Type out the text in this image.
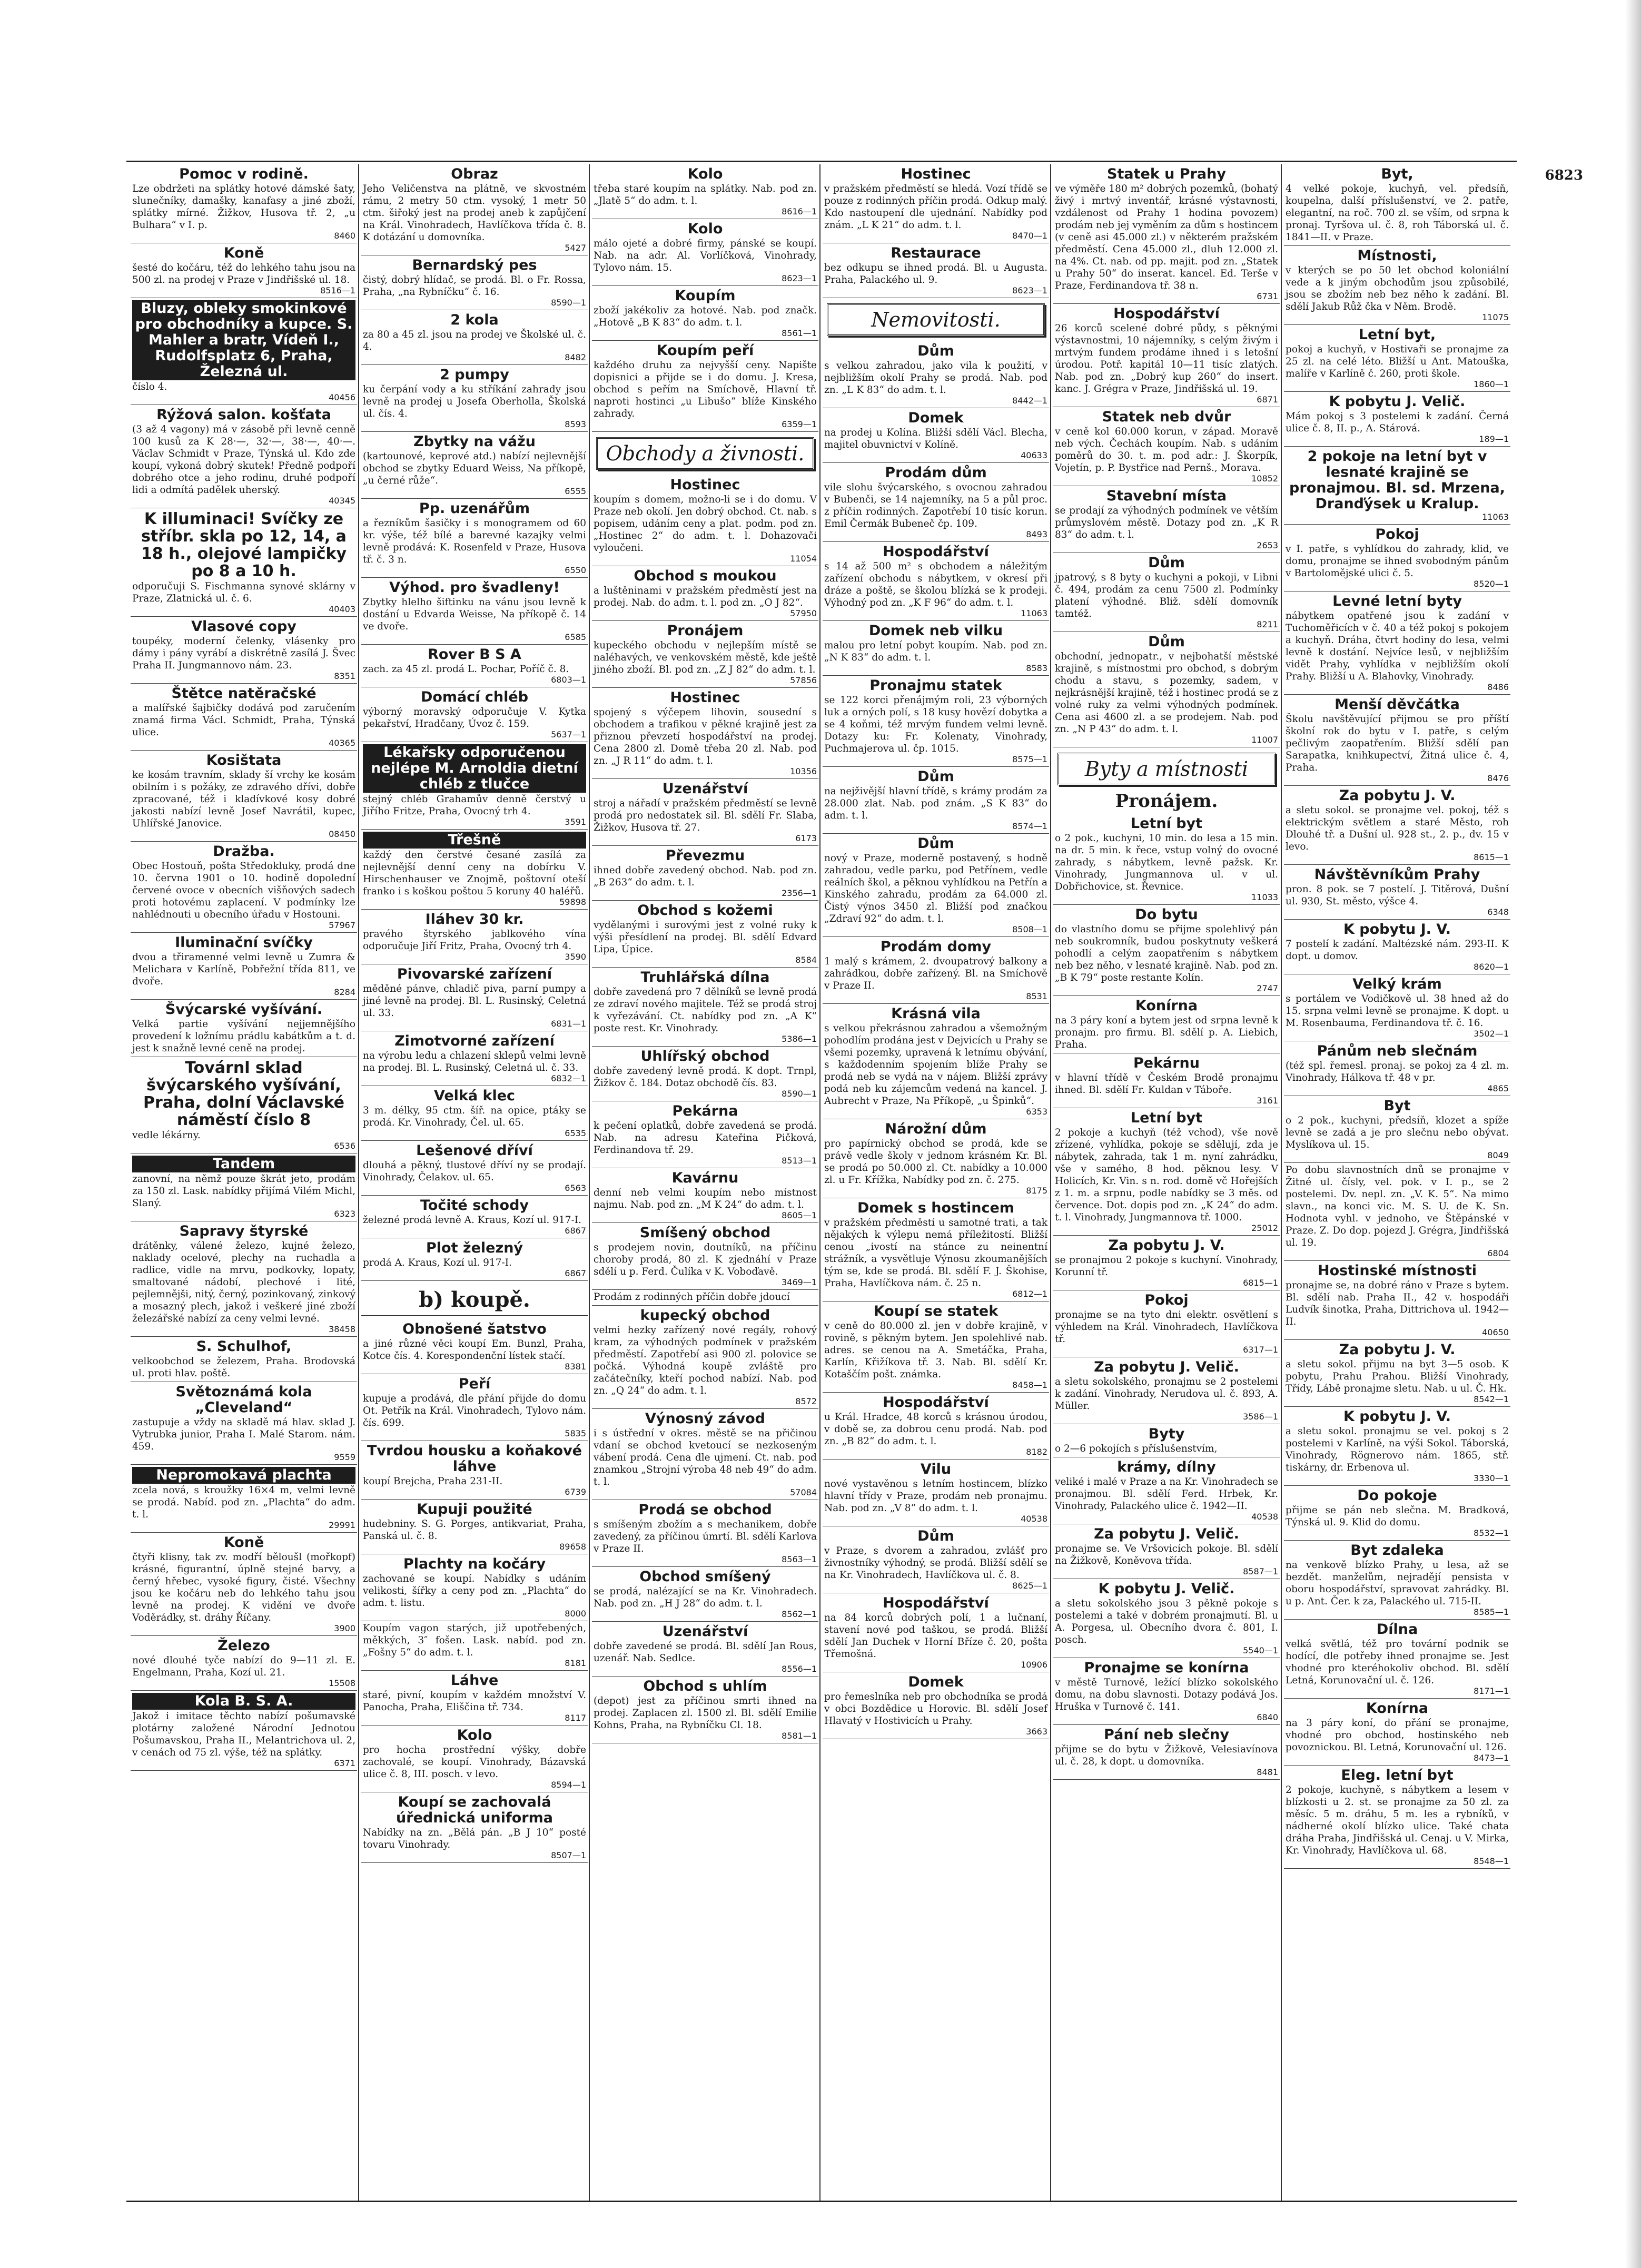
6823
Pomoc v rodině.
Lze obdržeti na splátky hotové dámské šaty, slunečníky, damašky, kanafasy a jiné zboží, splátky mírné. Žižkov, Husova tř. 2, „u Bulhara“ v I. p.
8460
Koně
šesté do kočáru, též do lehkého tahu jsou na 500 zl. na prodej v Praze v Jindřišské ul. 18.
8516—1
Bluzy, obleky smokinkové pro obchodníky a kupce. S. Mahler a bratr, Vídeň I., Rudolfsplatz 6, Praha, Železná ul.
číslo 4.
40456
Rýžová salon. košťata
(3 až 4 vagony) má v zásobě při levně cenně 100 kusů za K 28·—, 32·—, 38·—, 40·—. Václav Schmidt v Praze, Týnská ul. Kdo zde koupí, vykoná dobrý skutek! Předně podpoří dobrého otce a jeho rodinu, druhé podpoří lidi a odmítá padělek uherský.
40345
K illuminaci! Svíčky ze stříbr. skla po 12, 14, a 18 h., olejové lampičky po 8 a 10 h.
odporučuji S. Fischmanna synové sklárny v Praze, Zlatnická ul. č. 6.
40403
Vlasové copy
toupéky, moderní čelenky, vlásenky pro dámy i pány vyrábí a diskrétně zasílá J. Švec Praha II. Jungmannovo nám. 23.
8351
Štětce natěračské
a malířské šajbičky dodává pod zaručením znamá firma Václ. Schmidt, Praha, Týnská ulice.
40365
Kosištata
ke kosám travním, sklady ší vrchy ke kosám obilním i s požáky, ze zdravého dřívi, dobře zpracované, též i kladívkové kosy dobré jakosti nabízí levně Josef Navrátil, kupec, Uhlířské Janovice.
08450
Dražba.
Obec Hostouň, pošta Středokluky, prodá dne 10. června 1901 o 10. hodině dopolední červené ovoce v obecních višňových sadech proti hotovému zaplacení. V podmínky lze nahlédnouti u obecního úřadu v Hostouni.
57967
Iluminační svíčky
dvou a třiramenné velmi levně u Zumra & Melichara v Karlíně, Pobřežní třída 811, ve dvoře.
8284
Švýcarské vyšívání.
Velká partie vyšívání nejjemnějšího provedení k ložnímu prádlu kabátkům a t. d. jest k snažně levné ceně na prodej.
Továrnl sklad švýcarského vyšívání, Praha, dolní Václavské náměstí číslo 8
vedle lékárny.
6536
Tandem
zanovní, na němž pouze škrát jeto, prodám za 150 zl. Lask. nabídky přijímá Vilém Michl, Slaný.
6323
Sapravy štyrské
drátěnky, válené železo, kujné železo, naklady ocelové, plechy na ruchadla a radlice, vidle na mrvu, podkovky, lopaty, smaltované nádobí, plechové i lité, pejlemnějši, nitý, černý, pozinkovaný, zinkový a mosazný plech, jakož i veškeré jiné zboží železářské nabízí za ceny velmi levné.
38458
S. Schulhof,
velkoobchod se železem, Praha. Brodovská ul. proti hlav. poště.
Světoznámá kola „Cleveland“
zastupuje a vždy na skladě má hlav. sklad J. Vytrubka junior, Praha I. Malé Starom. nám. 459.
9559
Nepromokavá plachta
zcela nová, s kroužky 16×4 m, velmi levně se prodá. Nabíd. pod zn. „Plachta“ do adm. t. l.
29991
Koně
čtyři klisny, tak zv. modří běloušl (mořkopf) krásné, figurantní, úplně stejné barvy, a černý hřebec, vysoké figury, čisté. Všechny jsou ke kočáru neb do lehkého tahu jsou levně na prodej. K vidění ve dvoře Voděrádky, st. dráhy Říčany.
3900
Železo
nové dlouhé tyče nabízí do 9—11 zl. E. Engelmann, Praha, Kozí ul. 21.
15508
Kola B. S. A.
Jakož i imitace těchto nabízí pošumavské plotárny založené Národní Jednotou Pošumavskou, Praha II., Melantrichova ul. 2, v cenách od 75 zl. výše, též na splátky.
6371
Obraz
Jeho Veličenstva na plátně, ve skvostném rámu, 2 metry 50 ctm. vysoký, 1 metr 50 ctm. šiřoký jest na prodej aneb k zapůjčení na Král. Vinohradech, Havlíčkova třída č. 8. K dotázání u domovníka.
5427
Bernardský pes
čistý, dobrý hlídač, se prodá. Bl. o Fr. Rossa, Praha, „na Rybníčku“ č. 16.
8590—1
2 kola
za 80 a 45 zl. jsou na prodej ve Školské ul. č. 4.
8482
2 pumpy
ku čerpání vody a ku stříkání zahrady jsou levně na prodej u Josefa Oberholla, Školská ul. čís. 4.
8593
Zbytky na vážu
(kartounové, keprové atd.) nabízí nejlevnější obchod se zbytky Eduard Weiss, Na příkopě, „u černé růže“.
6555
Pp. uzenářům
a řezníkům šasičky i s monogramem od 60 kr. výše, též bílé a barevné kazajky velmi levně prodává: K. Rosenfeld v Praze, Husova tř. č. 3 n.
6550
Výhod. pro švadleny!
Zbytky hlelho šiftinku na vánu jsou levně k dostání u Edvarda Weisse, Na příkopě č. 14 ve dvoře.
6585
Rover B S A
zach. za 45 zl. prodá L. Pochar, Poříč č. 8.
6803—1
Domácí chléb
výborný moravský odporučuje V. Kytka pekařství, Hradčany, Úvoz č. 159.
5637—1
Lékařsky odporučenou nejlépe M. Arnoldia dietní chléb z tlučce
stejný chléb Grahamův denně čerstvý u Jiřího Fritze, Praha, Ovocný trh 4.
3591
Třešně
každý den čerstvé česané zasílá za nejlevnější denní ceny na dobírku V. Hirschenhauser ve Znojmě, poštovní oteší franko i s koškou poštou 5 koruny 40 haléřů.
59898
Iláhev 30 kr.
pravého štyrského jablkového vína odporučuje Jiří Fritz, Praha, Ovocný trh 4.
3590
Pivovarské zařízení
měděné pánve, chladič piva, parní pumpy a jiné levně na prodej. Bl. L. Rusinský, Celetná ul. 33.
6831—1
Zimotvorné zařízení
na výrobu ledu a chlazení sklepů velmi levně na prodej. Bl. L. Rusinský, Celetná ul. č. 33.
6832—1
Velká klec
3 m. délky, 95 ctm. šíř. na opice, ptáky se prodá. Kr. Vinohrady, Čel. ul. 65.
6535
Lešenové dříví
dlouhá a pěkný, tlustové dříví ny se prodají. Vinohrady, Čelakov. ul. 65.
6563
Točité schody
železné prodá levně A. Kraus, Kozí ul. 917-I.
6867
Plot železný
prodá A. Kraus, Kozí ul. 917-I.
6867
b) koupě.
Obnošené šatstvo
a jiné různé věci koupí Em. Bunzl, Praha, Kotce čís. 4. Korespondenční lístek stačí.
8381
Peří
kupuje a prodává, dle přání přijde do domu Ot. Petřík na Král. Vinohradech, Tylovo nám. čís. 699.
5835
Tvrdou housku a koňakové láhve
koupí Brejcha, Praha 231-II.
6739
Kupuji použité
hudebniny. S. G. Porges, antikvariat, Praha, Panská ul. č. 8.
89658
Plachty na kočáry
zachované se koupí. Nabídky s udáním velikosti, šířky a ceny pod zn. „Plachta“ do adm. t. listu.
8000
Koupím vagon starých, již upotřebených, měkkých, 3″ fošen. Lask. nabíd. pod zn. „Fošny 5“ do adm. t. l.
8181
Láhve
staré, pivní, koupím v každém množství V. Panocha, Praha, Eliščina tř. 734.
8117
Kolo
pro hocha prostřední výšky, dobře zachovalé, se koupí. Vinohrady, Bázavská ulice č. 8, III. posch. v levo.
8594—1
Koupí se zachovalá úřednická uniforma
Nabídky na zn. „Bělá pán. „B J 10“ posté tovaru Vinohrady.
8507—1
Kolo
třeba staré koupím na splátky. Nab. pod zn. „Jlatě 5“ do adm. t. l.
8616—1
Kolo
málo ojeté a dobré firmy, pánské se koupí. Nab. na adr. Al. Vorlíčková, Vinohrady, Tylovo nám. 15.
8623—1
Koupím
zboží jakékoliv za hotové. Nab. pod značk. „Hotově „B K 83“ do adm. t. l.
8561—1
Koupím peří
každého druhu za nejvyšší ceny. Napište dopisnici a přijde se i do domu. J. Kresa, obchod s peřím na Smíchově, Hlavní tř. naproti hostinci „u Libušo“ blíže Kinského zahrady.
6359—1
Obchody a živnosti.
Hostinec
koupím s domem, možno-li se i do domu. V Praze neb okolí. Jen dobrý obchod. Ct. nab. s popisem, udáním ceny a plat. podm. pod zn. „Hostinec 2“ do adm. t. l. Dohazovači vyloučeni.
11054
Obchod s moukou
a luštěninami v pražském předměstí jest na prodej. Nab. do adm. t. l. pod zn. „O J 82“.
57950
Pronájem
kupeckého obchodu v nejlepším místě se naléhavých, ve venkovském městě, kde ještě jiného zboží. Bl. pod zn. „Z J 82“ do adm. t. l.
57856
Hostinec
spojený s výčepem lihovin, sousední s obchodem a trafikou v pěkné krajině jest za přiznou převzetí hospodářství na prodej. Cena 2800 zl. Domě třeba 20 zl. Nab. pod zn. „J R 11“ do adm. t. l.
10356
Uzenářství
stroj a nářadí v pražském předměstí se levně prodá pro nedostatek sil. Bl. sdělí Fr. Slaba, Žižkov, Husova tř. 27.
6173
Převezmu
ihned dobře zavedený obchod. Nab. pod zn. „B 263“ do adm. t. l.
2356—1
Obchod s kožemi
vydělanými i surovými jest z volné ruky k výši přesídlení na prodej. Bl. sdělí Edvard Lipa, Úpice.
8584
Truhlářská dílna
dobře zavedená pro 7 dělníků se levně prodá ze zdraví nového majitele. Též se prodá stroj k vyřezávání. Ct. nabídky pod zn. „A K“ poste rest. Kr. Vinohrady.
5386—1
Uhlířský obchod
dobře zavedený levně prodá. K dopt. Trnpl, Žižkov č. 184. Dotaz obchodě čís. 83.
8590—1
Pekárna
k pečení oplatků, dobře zavedená se prodá. Nab. na adresu Kateřina Pičková, Ferdinandova tř. 29.
8513—1
Kavárnu
denní neb velmi koupím nebo místnost najmu. Nab. pod zn. „M K 24“ do adm. t. l.
8605—1
Smíšený obchod
s prodejem novin, doutníků, na příčinu choroby prodá, 80 zl. K zjednáhí v Praze sdělí u p. Ferd. Čulíka v K. Voboďavě.
3469—1
Prodám z rodinných příčin dobře jdoucí
kupecký obchod
velmi hezky zařízený nové regály, rohový kram, za výhodných podmínek v pražském předměstí. Zapotřebí asi 900 zl. polovice se počká. Výhodná koupě zvláště pro začátečníky, kteří pochod nabízí. Nab. pod zn. „Q 24“ do adm. t. l.
8572
Výnosný závod
i s ústřední v okres. městě se na přičinou vdaní se obchod kvetoucí se nezkoseným vábení prodá. Cena dle ujmení. Ct. nab. pod znamkou „Strojní výroba 48 neb 49“ do adm. t. l.
57084
Prodá se obchod
s smíšeným zbožím a s mechanikem, dobře zavedený, za příčinou úmrtí. Bl. sdělí Karlova v Praze II.
8563—1
Obchod smíšený
se prodá, nalézající se na Kr. Vinohradech. Nab. pod zn. „H J 28“ do adm. t. l.
8562—1
Uzenářství
dobře zavedené se prodá. Bl. sdělí Jan Rous, uzenář. Nab. Sedlce.
8556—1
Obchod s uhlím
(depot) jest za příčinou smrti ihned na prodej. Zaplacen zl. 1500 zl. Bl. sdělí Emilie Kohns, Praha, na Rybníčku Cl. 18.
8581—1
Hostinec
v pražském předměstí se hledá. Vozí třídě se pouze z rodinných příčin prodá. Odkup malý. Kdo nastoupení dle ujednání. Nabídky pod znám. „L K 21“ do adm. t. l.
8470—1
Restaurace
bez odkupu se ihned prodá. Bl. u Augusta. Praha, Palackého ul. 9.
8623—1
Nemovitosti.
Dům
s velkou zahradou, jako vila k použití, v nejbližším okolí Prahy se prodá. Nab. pod zn. „L K 83“ do adm. t. l.
8442—1
Domek
na prodej u Kolína. Bližší sdělí Václ. Blecha, majitel obuvnictví v Kolíně.
40633
Prodám dům
vile slohu švýcarského, s ovocnou zahradou v Bubenči, se 14 najemníky, na 5 a půl proc. z příčin rodinných. Zapotřebí 10 tisíc korun. Emil Čermák Bubeneč čp. 109.
8493
Hospodářství
s 14 až 500 m² s obchodem a náležitým zařízení obchodu s nábytkem, v okresí při dráze a poště, se školou blízká se k prodeji. Výhodný pod zn. „K F 96“ do adm. t. l.
11063
Domek neb vilku
malou pro letní pobyt koupím. Nab. pod zn. „N K 83“ do adm. t. l.
8583
Pronajmu statek
se 122 korci přenájmým roli, 23 výborných luk a orných polí, s 18 kusy hovězí dobytka a se 4 koňmi, též mrvým fundem velmi levně. Dotazy ku: Fr. Kolenaty, Vinohrady, Puchmajerova ul. čp. 1015.
8575—1
Dům
na nejživější hlavní třídě, s krámy prodám za 28.000 zlat. Nab. pod znám. „S K 83“ do adm. t. l.
8574—1
Dům
nový v Praze, moderně postavený, s hodně zahradou, vedle parku, pod Petřínem, vedle reálních škol, a pěknou vyhlídkou na Petřín a Kinského zahradu, prodám za 64.000 zl. Čistý výnos 3450 zl. Bližší pod značkou „Zdraví 92“ do adm. t. l.
8508—1
Prodám domy
1 malý s krámem, 2. dvoupatrový balkony a zahrádkou, dobře zařízený. Bl. na Smíchově v Praze II.
8531
Krásná vila
s velkou překrásnou zahradou a všemožným pohodlím prodána jest v Dejvicích u Prahy se všemi pozemky, upravená k letnímu obývání, s každodenním spojením blíže Prahy se prodá neb se vydá na v nájem. Bližší zprávy podá neb ku zájemcům vedená na kancel. J. Aubrecht v Praze, Na Příkopě, „u Špinků“.
6353
Nárožní dům
pro papírnický obchod se prodá, kde se právě vedle školy v jednom krásném Kr. Bl. se prodá po 50.000 zl. Ct. nabídky a 10.000 zl. u Fr. Křížka, Nabídky pod zn. č. 275.
8175
Domek s hostincem
v pražském předměstí u samotné trati, a tak nějakých k výlepu nemá příležitostí. Bližší cenou „ivostí na stánce zu neinentní strážník, a vysvětluje Výnosu zkoumanějších tým se, kde se prodá. Bl. sdělí F. J. Škohise, Praha, Havlíčkova nám. č. 25 n.
6812—1
Koupí se statek
v ceně do 80.000 zl. jen v dobře krajině, v rovině, s pěkným bytem. Jen spolehlivé nab. adres. se cenou na A. Smetáčka, Praha, Karlín, Křižíkova tř. 3. Nab. Bl. sdělí Kr. Kotaščím pošt. známka.
8458—1
Hospodářství
u Král. Hradce, 48 korců s krásnou úrodou, v době se, za dobrou cenu prodá. Nab. pod zn. „B 82“ do adm. t. l.
8182
Vilu
nové vystavěnou s letním hostincem, blízko hlavní třídy v Praze, prodám neb pronajmu. Nab. pod zn. „V 8“ do adm. t. l.
40538
Dům
v Praze, s dvorem a zahradou, zvlášť pro živnostníky výhodný, se prodá. Bližší sdělí se na Kr. Vinohradech, Havlíčkova ul. č. 8.
8625—1
Hospodářství
na 84 korců dobrých polí, 1 a lučnaní, stavení nové pod taškou, se prodá. Bližší sdělí Jan Duchek v Horní Bříze č. 20, pošta Třemošná.
10906
Domek
pro řemeslníka neb pro obchodníka se prodá v obci Bozdědice u Horovic. Bl. sdělí Josef Hlavatý v Hostivicích u Prahy.
3663
Statek u Prahy
ve výměře 180 m² dobrých pozemků, (bohatý živý i mrtvý inventář, krásné výstavnosti, vzdálenost od Prahy 1 hodina povozem) prodám neb jej vyměním za dům s hostincem (v ceně asi 45.000 zl.) v některém pražském předměstí. Cena 45.000 zl., dluh 12.000 zl. na 4%. Ct. nab. od pp. majit. pod zn. „Statek u Prahy 50“ do inserat. kancel. Ed. Terše v Praze, Ferdinandova tř. 38 n.
6731
Hospodářství
26 korců scelené dobré půdy, s pěknými výstavnostmi, 10 nájemníky, s celým živým i mrtvým fundem prodáme ihned i s letošní úrodou. Potř. kapitál 10—11 tisíc zlatých. Nab. pod zn. „Dobrý kup 260“ do insert. kanc. J. Grégra v Praze, Jindřišská ul. 19.
6871
Statek neb dvůr
v ceně kol 60.000 korun, v západ. Moravě neb vých. Čechách koupím. Nab. s udáním poměrů do 30. t. m. pod adr.: J. Škorpík, Vojetín, p. P. Bystřice nad Pernš., Morava.
10852
Stavební místa
se prodají za výhodných podmínek ve větším průmyslovém městě. Dotazy pod zn. „K R 83“ do adm. t. l.
2653
Dům
jpatrový, s 8 byty o kuchyni a pokoji, v Libni č. 494, prodám za cenu 7500 zl. Podmínky platení výhodné. Bliž. sdělí domovník tamtéž.
8211
Dům
obchodní, jednopatr., v nejbohatší městské krajině, s místnostmi pro obchod, s dobrým chodu a stavu, s pozemky, sadem, v nejkrásnější krajině, též i hostinec prodá se z volné ruky za velmi výhodných podmínek. Cena asi 4600 zl. a se prodejem. Nab. pod zn. „N P 43“ do adm. t. l.
11007
Byty a místnosti
Pronájem.
Letní byt
o 2 pok., kuchyni, 10 min. do lesa a 15 min. na dr. 5 min. k řece, vstup volný do ovocné zahrady, s nábytkem, levně pažsk. Kr. Vinohrady, Jungmannova ul. v ul. Dobřichovice, st. Řevnice.
11033
Do bytu
do vlastního domu se přijme spolehlivý pán neb soukromník, budou poskytnuty veškerá pohodlí a celým zaopatřením s nábytkem neb bez něho, v lesnaté krajině. Nab. pod zn. „B K 79“ poste restante Kolín.
2747
Konírna
na 3 páry koní a bytem jest od srpna levně k pronajm. pro firmu. Bl. sdělí p. A. Liebich, Praha.
Pekárnu
v hlavní třídě v Českém Brodě pronajmu ihned. Bl. sdělí Fr. Kuldan v Táboře.
3161
Letní byt
2 pokoje a kuchyň (též vchod), vše nově zřízené, vyhlídka, pokoje se sdělují, zda je nábytek, zahrada, tak 1 m. nyní zahrádku, vše v samého, 8 hod. pěknou lesy. V Holicích, Kr. Vin. s n. rod. domě vč Hořejších z 1. m. a srpnu, podle nabídky se 3 měs. od července. Dot. dopis pod zn. „K 24“ do adm. t. l. Vinohrady, Jungmannova tř. 1000.
25012
Za pobytu J. V.
se pronajmou 2 pokoje s kuchyní. Vinohrady, Korunní tř.
6815—1
Pokoj
pronajme se na tyto dni elektr. osvětlení s výhledem na Král. Vinohradech, Havlíčkova tř.
6317—1
Za pobytu J. Velič.
a sletu sokolského, pronajmu se 2 postelemi k zadání. Vinohrady, Nerudova ul. č. 893, A. Müller.
3586—1
Byty
o 2—6 pokojích s příslušenstvím,
krámy, dílny
veliké i malé v Praze a na Kr. Vinohradech se pronajmou. Bl. sdělí Ferd. Hrbek, Kr. Vinohrady, Palackého ulice č. 1942—II.
40538
Za pobytu J. Velič.
pronajme se. Ve Vršovicích pokoje. Bl. sdělí na Žižkově, Koněvova třída.
8587—1
K pobytu J. Velič.
a sletu sokolského jsou 3 pěkně pokoje s postelemi a také v dobrém pronajmutí. Bl. u A. Porgesa, ul. Obecního dvora č. 801, I. posch.
5540—1
Pronajme se konírna
v městě Turnově, ležící blízko sokolského domu, na dobu slavnosti. Dotazy podává Jos. Hruška v Turnově č. 141.
6840
Pání neb slečny
přijme se do bytu v Žižkově, Velesiavínova ul. č. 28, k dopt. u domovníka.
8481
Byt,
4 velké pokoje, kuchyň, vel. předsíň, koupelna, další příslušenství, ve 2. patře, elegantní, na roč. 700 zl. se vším, od srpna k pronaj. Tyršova ul. č. 8, roh Táborská ul. č. 1841—II. v Praze.
Místnosti,
v kterých se po 50 let obchod koloniální vede a k jiným obchodům jsou způsobilé, jsou se zbožím neb bez něho k zadání. Bl. sdělí Jakub Růž čka v Něm. Brodě.
11075
Letní byt,
pokoj a kuchyň, v Hostivaři se pronajme za 25 zl. na celé léto. Bližší u Ant. Matouška, malíře v Karlíně č. 260, proti škole.
1860—1
K pobytu J. Velič.
Mám pokoj s 3 postelemi k zadání. Černá ulice č. 8, II. p., A. Stárová.
189—1
2 pokoje na letní byt v lesnaté krajině se pronajmou. Bl. sd. Mrzena, Dranďýsek u Kralup.
11063
Pokoj
v I. patře, s vyhlídkou do zahrady, klid, ve domu, pronajme se ihned svobodným pánům v Bartolomějské ulici č. 5.
8520—1
Levné letní byty
nábytkem opatřené jsou k zadání v Tuchoměřicích v č. 40 a též pokoj s pokojem a kuchyň. Dráha, čtvrt hodiny do lesa, velmi levně k dostání. Nejvíce lesů, v nejbližším vidět Prahy, vyhlídka v nejbližším okolí Prahy. Bližší u A. Blahovky, Vinohrady.
8486
Menší děvčátka
Školu navštěvující přijmou se pro příští školní rok do bytu v I. patře, s celým pečlivým zaopatřením. Bližší sdělí pan Sarapatka, knihkupectví, Žitná ulice č. 4, Praha.
8476
Za pobytu J. V.
a sletu sokol. se pronajme vel. pokoj, též s elektrickým světlem a staré Město, roh Dlouhé tř. a Dušní ul. 928 st., 2. p., dv. 15 v levo.
8615—1
Návštěvníkům Prahy
pron. 8 pok. se 7 postelí. J. Titěrová, Dušní ul. 930, St. město, výšce 4.
6348
K pobytu J. V.
7 postelí k zadání. Maltézské nám. 293-II. K dopt. u domov.
8620—1
Velký krám
s portálem ve Vodičkově ul. 38 hned až do 15. srpna velmi levně se pronajme. K dopt. u M. Rosenbauma, Ferdinandova tř. č. 16.
3502—1
Pánům neb slečnám
(též spl. řemesl. pronaj. se pokoj za 4 zl. m. Vinohrady, Hálkova tř. 48 v pr.
4865
Byt
o 2 pok., kuchyni, předsíň, klozet a spíže levně se zadá a je pro slečnu nebo obývat. Myslíkova ul. 15.
8049
Po dobu slavnostních dnů se pronajme v Žitné ul. čísly, vel. pok. v I. p., se 2 postelemi. Dv. nepl. zn. „V. K. 5“. Na mimo slavn., na konci vic. M. S. U. de K. Sn. Hodnota vyhl. v jednoho, ve Štěpánské v Praze. Z. Do dop. pojezd J. Grégra, Jindřišská ul. 19.
6804
Hostinské místnosti
pronajme se, na dobré ráno v Praze s bytem. Bl. sdělí nab. Praha II., 42 v. hospodáři Ludvík šinotka, Praha, Dittrichova ul. 1942—II.
40650
Za pobytu J. V.
a sletu sokol. přijmu na byt 3—5 osob. K pobytu, Prahu Prahou. Bližší Vinohrady, Třídy, Lábě pronajme sletu. Nab. u ul. Č. Hk.
8542—1
K pobytu J. V.
a sletu sokol. pronajmu se vel. pokoj s 2 postelemi v Karlíně, na výši Sokol. Táborská, Vinohrady, Rögnerovo nám. 1865, stř. tiskárny, dr. Erbenova ul.
3330—1
Do pokoje
přijme se pán neb slečna. M. Bradková, Týnská ul. 9. Klid do domu.
8532—1
Byt zdaleka
na venkově blízko Prahy, u lesa, až se bezdět. manželům, nejradějí pensista v oboru hospodářství, spravovat zahrádky. Bl. u p. Ant. Čer. k za, Palackého ul. 715-II.
8585—1
Dílna
velká světlá, též pro tovární podnik se hodící, dle potřeby ihned pronajme se. Jest vhodné pro kteréhokoliv obchod. Bl. sdělí Letná, Korunovační ul. č. 126.
8171—1
Konírna
na 3 páry koní, do přání se pronajme, vhodné pro obchod, hostinského neb povoznickou. Bl. Letná, Korunovační ul. 126.
8473—1
Eleg. letní byt
2 pokoje, kuchyně, s nábytkem a lesem v blízkosti u 2. st. se pronajme za 50 zl. za měsíc. 5 m. dráhu, 5 m. les a rybníků, v nádherné okolí blízko ulice. Také chata dráha Praha, Jindřišská ul. Cenaj. u V. Mirka, Kr. Vinohrady, Havlíčkova ul. 68.
8548—1
